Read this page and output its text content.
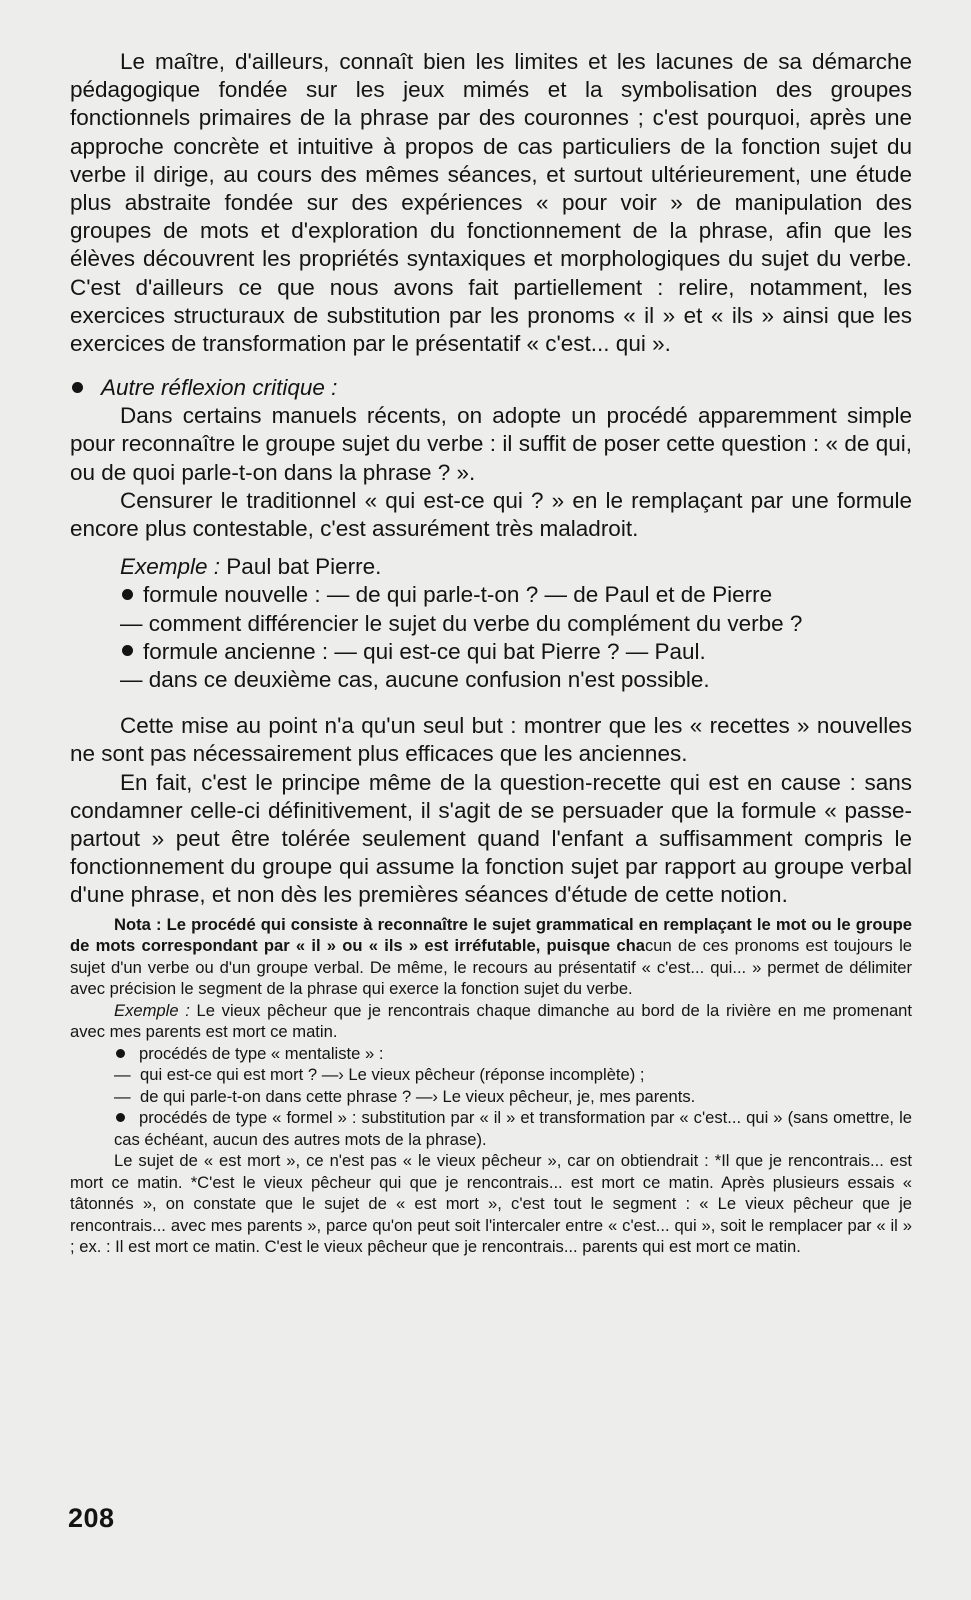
Le maître, d'ailleurs, connaît bien les limites et les lacunes de sa démarche pédagogique fondée sur les jeux mimés et la symbolisation des groupes fonctionnels primaires de la phrase par des couronnes ; c'est pourquoi, après une approche concrète et intuitive à propos de cas particuliers de la fonction sujet du verbe il dirige, au cours des mêmes séances, et surtout ultérieurement, une étude plus abstraite fondée sur des expériences « pour voir » de manipulation des groupes de mots et d'exploration du fonctionnement de la phrase, afin que les élèves découvrent les propriétés syntaxiques et morphologiques du sujet du verbe. C'est d'ailleurs ce que nous avons fait partiellement : relire, notamment, les exercices structuraux de substitution par les pronoms « il » et « ils » ainsi que les exercices de transformation par le présentatif « c'est... qui ».

Autre réflexion critique :

Dans certains manuels récents, on adopte un procédé apparemment simple pour reconnaître le groupe sujet du verbe : il suffit de poser cette question : « de qui, ou de quoi parle-t-on dans la phrase ? ».

Censurer le traditionnel « qui est-ce qui ? » en le remplaçant par une formule encore plus contestable, c'est assurément très maladroit.

Exemple : Paul bat Pierre.

formule nouvelle : — de qui parle-t-on ? — de Paul et de Pierre

— comment différencier le sujet du verbe du complément du verbe ?

formule ancienne : — qui est-ce qui bat Pierre ? — Paul.

— dans ce deuxième cas, aucune confusion n'est possible.

Cette mise au point n'a qu'un seul but : montrer que les « recettes » nouvelles ne sont pas nécessairement plus efficaces que les anciennes.

En fait, c'est le principe même de la question-recette qui est en cause : sans condamner celle-ci définitivement, il s'agit de se persuader que la formule « passe-partout » peut être tolérée seulement quand l'enfant a suffisamment compris le fonctionnement du groupe qui assume la fonction sujet par rapport au groupe verbal d'une phrase, et non dès les premières séances d'étude de cette notion.

Nota : Le procédé qui consiste à reconnaître le sujet grammatical en remplaçant le mot ou le groupe de mots correspondant par « il » ou « ils » est irréfutable, puisque chacun de ces pronoms est toujours le sujet d'un verbe ou d'un groupe verbal. De même, le recours au présentatif « c'est... qui... » permet de délimiter avec précision le segment de la phrase qui exerce la fonction sujet du verbe.

Exemple : Le vieux pêcheur que je rencontrais chaque dimanche au bord de la rivière en me promenant avec mes parents est mort ce matin.

procédés de type « mentaliste » :

— qui est-ce qui est mort ? —› Le vieux pêcheur (réponse incomplète) ;

— de qui parle-t-on dans cette phrase ? —› Le vieux pêcheur, je, mes parents.

procédés de type « formel » : substitution par « il » et transformation par « c'est... qui » (sans omettre, le cas échéant, aucun des autres mots de la phrase).

Le sujet de « est mort », ce n'est pas « le vieux pêcheur », car on obtiendrait : *Il que je rencontrais... est mort ce matin. *C'est le vieux pêcheur qui que je rencontrais... est mort ce matin. Après plusieurs essais « tâtonnés », on constate que le sujet de « est mort », c'est tout le segment : « Le vieux pêcheur que je rencontrais... avec mes parents », parce qu'on peut soit l'intercaler entre « c'est... qui », soit le remplacer par « il » ; ex. : Il est mort ce matin. C'est le vieux pêcheur que je rencontrais... parents qui est mort ce matin.

208
